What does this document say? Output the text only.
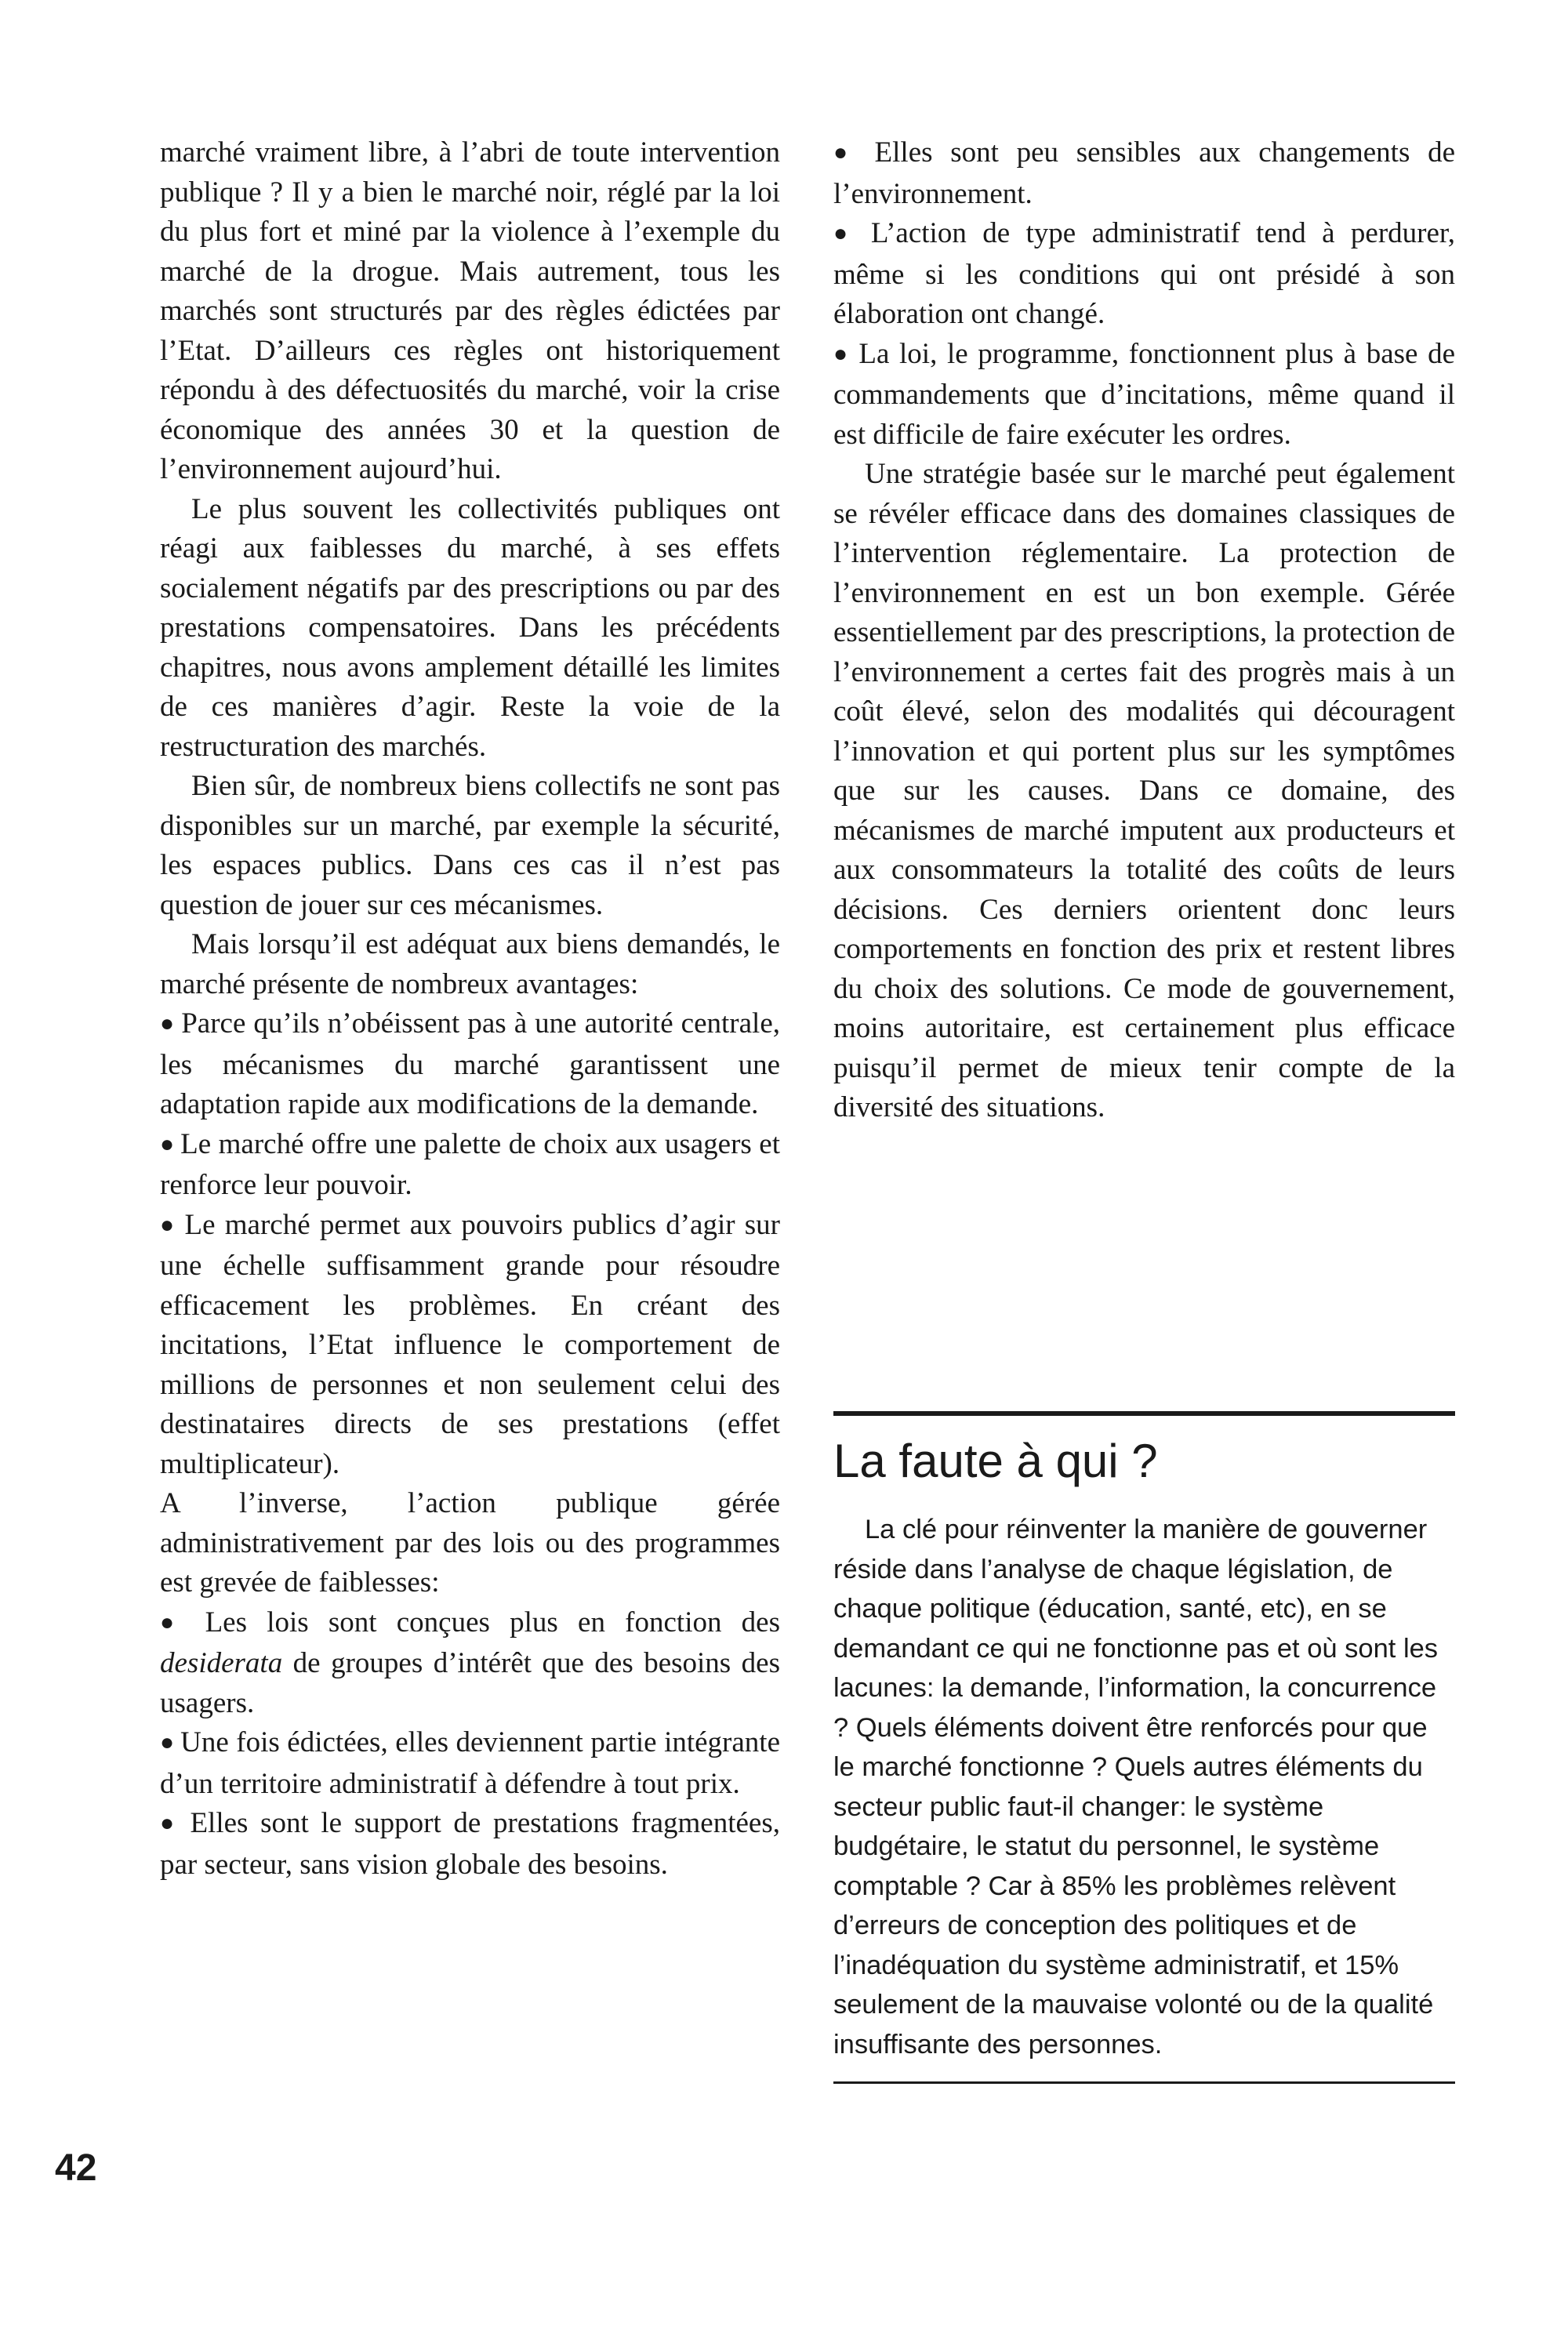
marché vraiment libre, à l’abri de toute intervention publique ? Il y a bien le marché noir, réglé par la loi du plus fort et miné par la violence à l’exemple du marché de la drogue. Mais autrement, tous les marchés sont structurés par des règles édictées par l’Etat. D’ailleurs ces règles ont historiquement répondu à des défectuosités du marché, voir la crise économique des années 30 et la question de l’environnement aujourd’hui.

Le plus souvent les collectivités publiques ont réagi aux faiblesses du marché, à ses effets socialement négatifs par des prescriptions ou par des prestations compensatoires. Dans les précédents chapitres, nous avons amplement détaillé les limites de ces manières d’agir. Reste la voie de la restructuration des marchés.

Bien sûr, de nombreux biens collectifs ne sont pas disponibles sur un marché, par exemple la sécurité, les espaces publics. Dans ces cas il n’est pas question de jouer sur ces mécanismes.

Mais lorsqu’il est adéquat aux biens demandés, le marché présente de nombreux avantages:

● Parce qu’ils n’obéissent pas à une autorité centrale, les mécanismes du marché garantissent une adaptation rapide aux modifications de la demande.

● Le marché offre une palette de choix aux usagers et renforce leur pouvoir.

● Le marché permet aux pouvoirs publics d’agir sur une échelle suffisamment grande pour résoudre efficacement les problèmes. En créant des incitations, l’Etat influence le comportement de millions de personnes et non seulement celui des destinataires directs de ses prestations (effet multiplicateur).

A l’inverse, l’action publique gérée administrativement par des lois ou des programmes est grevée de faiblesses:

● Les lois sont conçues plus en fonction des desiderata de groupes d’intérêt que des besoins des usagers.

● Une fois édictées, elles deviennent partie intégrante d’un territoire administratif à défendre à tout prix.

● Elles sont le support de prestations fragmentées, par secteur, sans vision globale des besoins.

● Elles sont peu sensibles aux changements de l’environnement.

● L’action de type administratif tend à perdurer, même si les conditions qui ont présidé à son élaboration ont changé.

● La loi, le programme, fonctionnent plus à base de commandements que d’incitations, même quand il est difficile de faire exécuter les ordres.

Une stratégie basée sur le marché peut également se révéler efficace dans des domaines classiques de l’intervention réglementaire. La protection de l’environnement en est un bon exemple. Gérée essentiellement par des prescriptions, la protection de l’environnement a certes fait des progrès mais à un coût élevé, selon des modalités qui découragent l’innovation et qui portent plus sur les symptômes que sur les causes. Dans ce domaine, des mécanismes de marché imputent aux producteurs et aux consommateurs la totalité des coûts de leurs décisions. Ces derniers orientent donc leurs comportements en fonction des prix et restent libres du choix des solutions. Ce mode de gouvernement, moins autoritaire, est certainement plus efficace puisqu’il permet de mieux tenir compte de la diversité des situations.

La faute à qui ?

La clé pour réinventer la manière de gouverner réside dans l’analyse de chaque législation, de chaque politique (éducation, santé, etc), en se demandant ce qui ne fonctionne pas et où sont les lacunes: la demande, l’information, la concurrence ? Quels éléments doivent être renforcés pour que le marché fonctionne ? Quels autres éléments du secteur public faut-il changer: le système budgétaire, le statut du personnel, le système comptable ? Car à 85% les problèmes relèvent d’erreurs de conception des politiques et de l’inadéquation du système administratif, et 15% seulement de la mauvaise volonté ou de la qualité insuffisante des personnes.

42
